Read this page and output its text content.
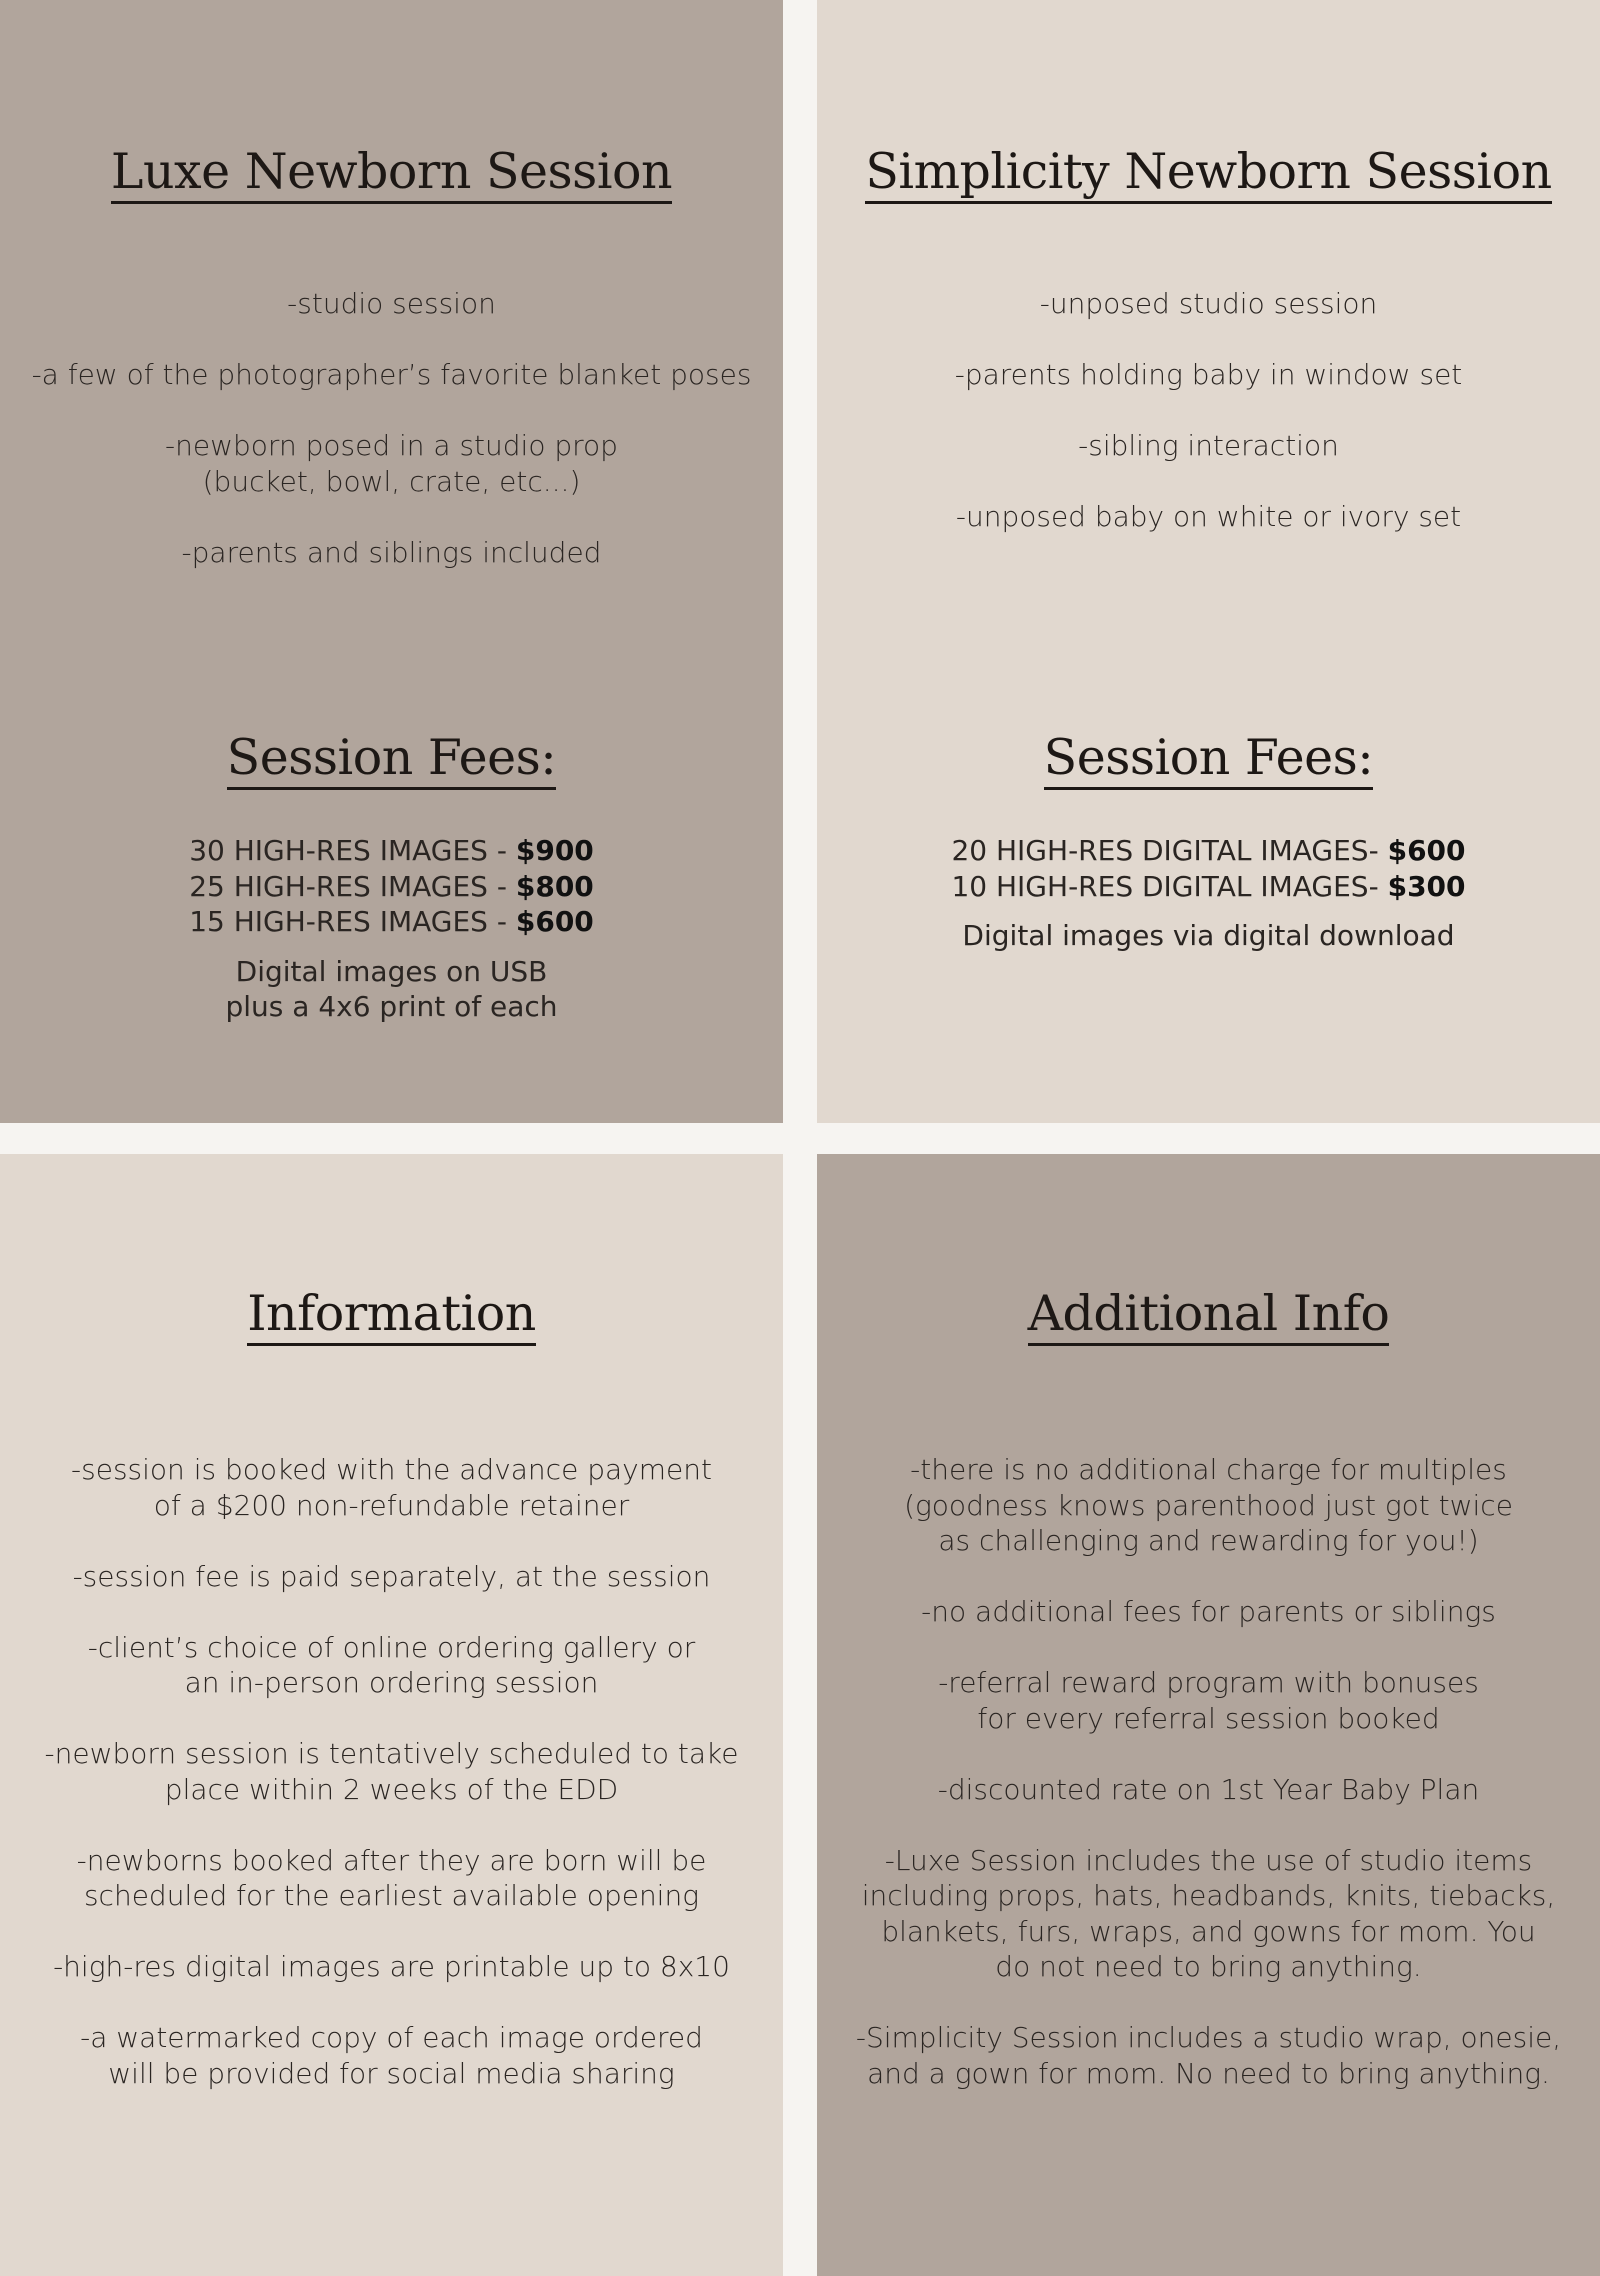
Luxe Newborn Session

-studio session

-a few of the photographer’s favorite blanket poses

-newborn posed in a studio prop
(bucket, bowl, crate, etc...)

-parents and siblings included

Session Fees:
30 HIGH-RES IMAGES - $900
25 HIGH-RES IMAGES - $800
15 HIGH-RES IMAGES - $600
Digital images on USB
plus a 4x6 print of each
Simplicity Newborn Session

-unposed studio session

-parents holding baby in window set

-sibling interaction

-unposed baby on white or ivory set

Session Fees:
20 HIGH-RES DIGITAL IMAGES- $600
10 HIGH-RES DIGITAL IMAGES- $300
Digital images via digital download
Information

-session is booked with the advance payment
of a $200 non-refundable retainer

-session fee is paid separately, at the session

-client’s choice of online ordering gallery or
an in-person ordering session

-newborn session is tentatively scheduled to take
place within 2 weeks of the EDD

-newborns booked after they are born will be
scheduled for the earliest available opening

-high-res digital images are printable up to 8x10

-a watermarked copy of each image ordered
will be provided for social media sharing

Additional Info

-there is no additional charge for multiples
(goodness knows parenthood just got twice
as challenging and rewarding for you!)

-no additional fees for parents or siblings

-referral reward program with bonuses
for every referral session booked

-discounted rate on 1st Year Baby Plan

-Luxe Session includes the use of studio items
including props, hats, headbands, knits, tiebacks,
blankets, furs, wraps, and gowns for mom. You
do not need to bring anything.

-Simplicity Session includes a studio wrap, onesie,
and a gown for mom. No need to bring anything.
